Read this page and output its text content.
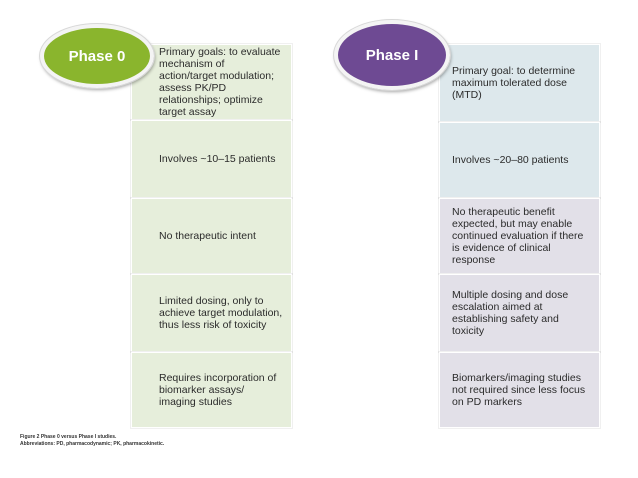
Primary goals: to evaluate mechanism of action/target modulation; assess PK/PD relationships; optimize target assay
Involves ~10–15 patients
No therapeutic intent
Limited dosing, only to achieve target modulation, thus less risk of toxicity
Requires incorporation of biomarker assays/ imaging studies
Primary goal: to determine maximum tolerated dose (MTD)
Involves ~20–80 patients
No therapeutic benefit expected, but may enable continued evaluation if there is evidence of clinical response
Multiple dosing and dose escalation aimed at establishing safety and toxicity
Biomarkers/imaging studies not required since less focus on PD markers
Phase 0	Phase I
Figure 2 Phase 0 versus Phase I studies.
Abbreviations: PD, pharmacodynamic; PK, pharmacokinetic.
